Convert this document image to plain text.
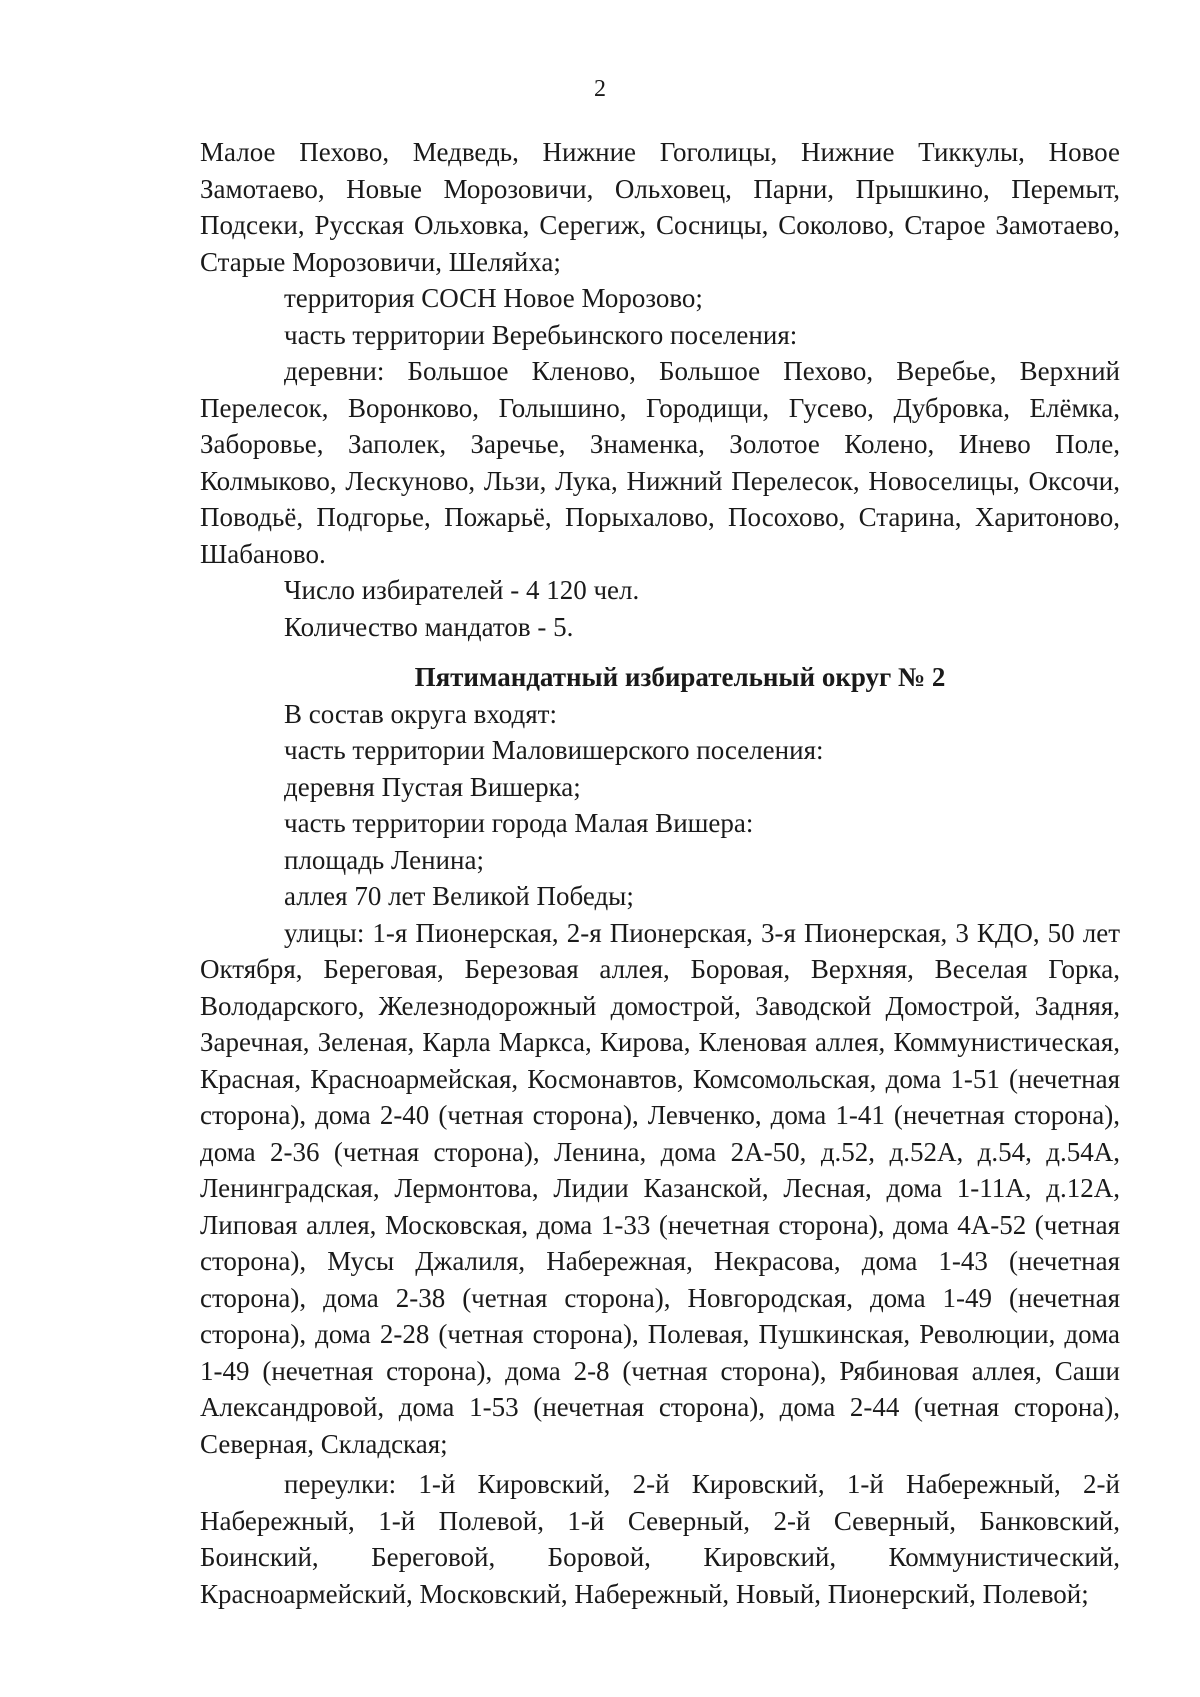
2

Малое Пехово, Медведь, Нижние Гоголицы, Нижние Тиккулы, Новое Замотаево, Новые Морозовичи, Ольховец, Парни, Прышкино, Перемыт, Подсеки, Русская Ольховка, Серегиж, Сосницы, Соколово, Старое Замотаево, Старые Морозовичи, Шеляйха;

территория СОСН Новое Морозово;

часть территории Веребьинского поселения:

деревни: Большое Кленово, Большое Пехово, Веребье, Верхний Перелесок, Воронково, Голышино, Городищи, Гусево, Дубровка, Елёмка, Заборовье, Заполек, Заречье, Знаменка, Золотое Колено, Инево Поле, Колмыково, Лескуново, Льзи, Лука, Нижний Перелесок, Новоселицы, Оксочи, Поводьё, Подгорье, Пожарьё, Порыхалово, Посохово, Старина, Харитоново, Шабаново.

Число избирателей - 4 120 чел.

Количество мандатов - 5.

Пятимандатный избирательный округ № 2

В состав округа входят:

часть территории Маловишерского поселения:

деревня Пустая Вишерка;

часть территории города Малая Вишера:

площадь Ленина;

аллея 70 лет Великой Победы;

улицы: 1-я Пионерская, 2-я Пионерская, 3-я Пионерская, 3 КДО, 50 лет Октября, Береговая, Березовая аллея, Боровая, Верхняя, Веселая Горка, Володарского, Железнодорожный домострой, Заводской Домострой, Задняя, Заречная, Зеленая, Карла Маркса, Кирова, Кленовая аллея, Коммунистическая, Красная, Красноармейская, Космонавтов, Комсомольская, дома 1-51 (нечетная сторона), дома 2-40 (четная сторона), Левченко, дома 1-41 (нечетная сторона), дома 2-36 (четная сторона), Ленина, дома 2А-50, д.52, д.52А, д.54, д.54А, Ленинградская, Лермонтова, Лидии Казанской, Лесная, дома 1-11А, д.12А, Липовая аллея, Московская, дома 1-33 (нечетная сторона), дома 4А-52 (четная сторона), Мусы Джалиля, Набережная, Некрасова, дома 1-43 (нечетная сторона), дома 2-38 (четная сторона), Новгородская, дома 1-49 (нечетная сторона), дома 2-28 (четная сторона), Полевая, Пушкинская, Революции, дома 1-49 (нечетная сторона), дома 2-8 (четная сторона), Рябиновая аллея, Саши Александровой, дома 1-53 (нечетная сторона), дома 2-44 (четная сторона), Северная, Складская;

переулки: 1-й Кировский, 2-й Кировский, 1-й Набережный, 2-й Набережный, 1-й Полевой, 1-й Северный, 2-й Северный, Банковский, Боинский, Береговой, Боровой, Кировский, Коммунистический, Красноармейский, Московский, Набережный, Новый, Пионерский, Полевой;
